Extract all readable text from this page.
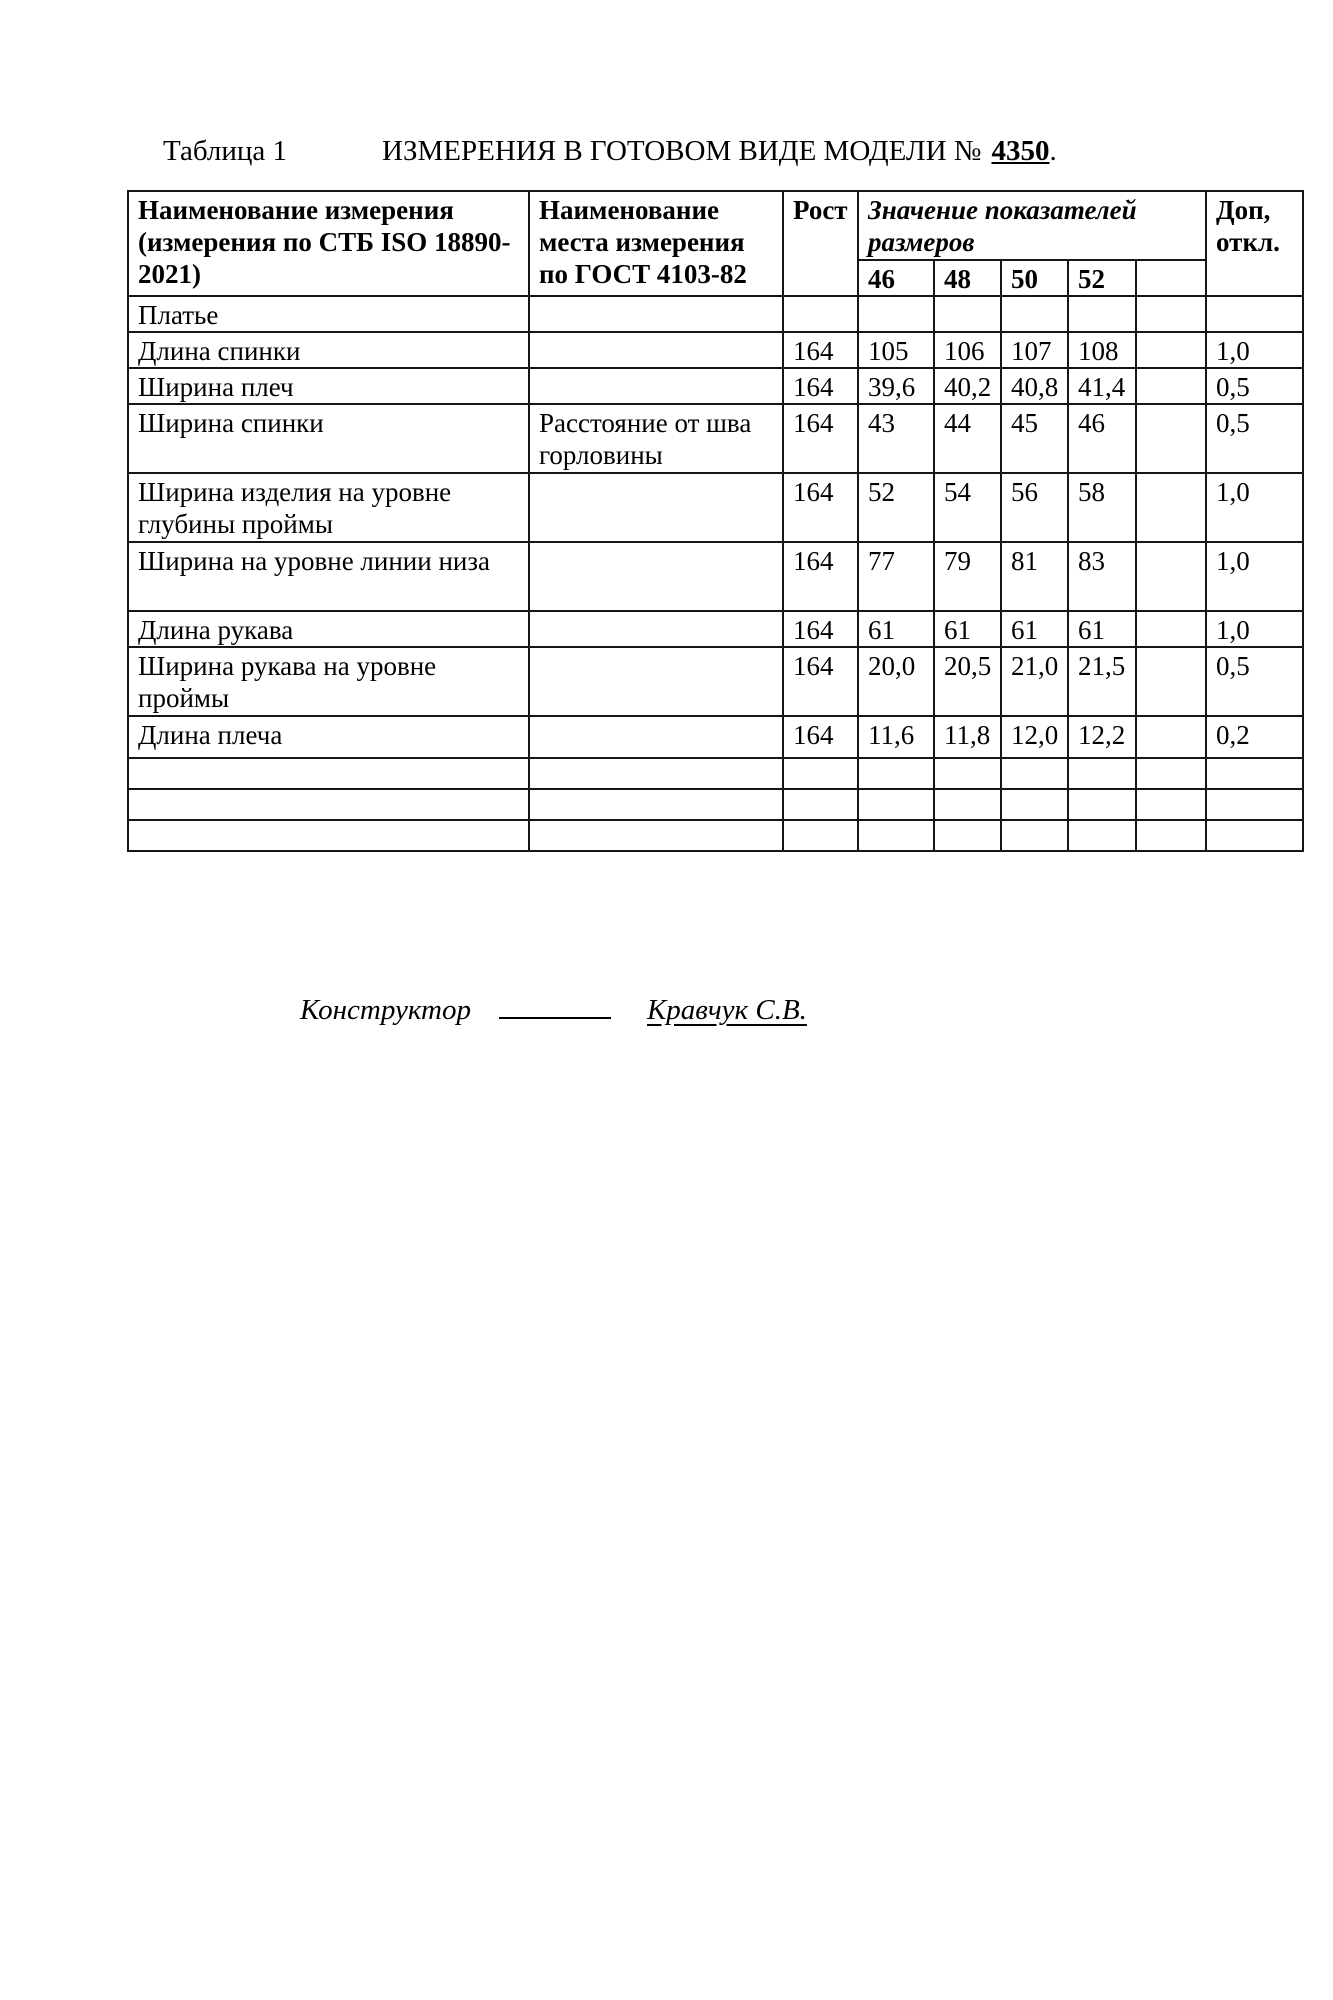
Таблица 1	ИЗМЕРЕНИЯ В ГОТОВОМ ВИДЕ МОДЕЛИ № 4350.
Наименование измерения (измерения по СТБ ISO 18890-2021)	Наименование места измерения по ГОСТ 4103-82	Рост	Значение показателей размеров					Доп, откл.
			46	48	50	52		
Платье								
Длина спинки		164	105	106	107	108		1,0
Ширина плеч		164	39,6	40,2	40,8	41,4		0,5
Ширина спинки	Расстояние от шва горловины	164	43	44	45	46		0,5
Ширина изделия на уровне глубины проймы		164	52	54	56	58		1,0
Ширина на уровне линии низа		164	77	79	81	83		1,0
Длина рукава		164	61	61	61	61		1,0
Ширина рукава на уровне проймы		164	20,0	20,5	21,0	21,5		0,5
Длина плеча		164	11,6	11,8	12,0	12,2		0,2

Конструктор	Кравчук С.В.
